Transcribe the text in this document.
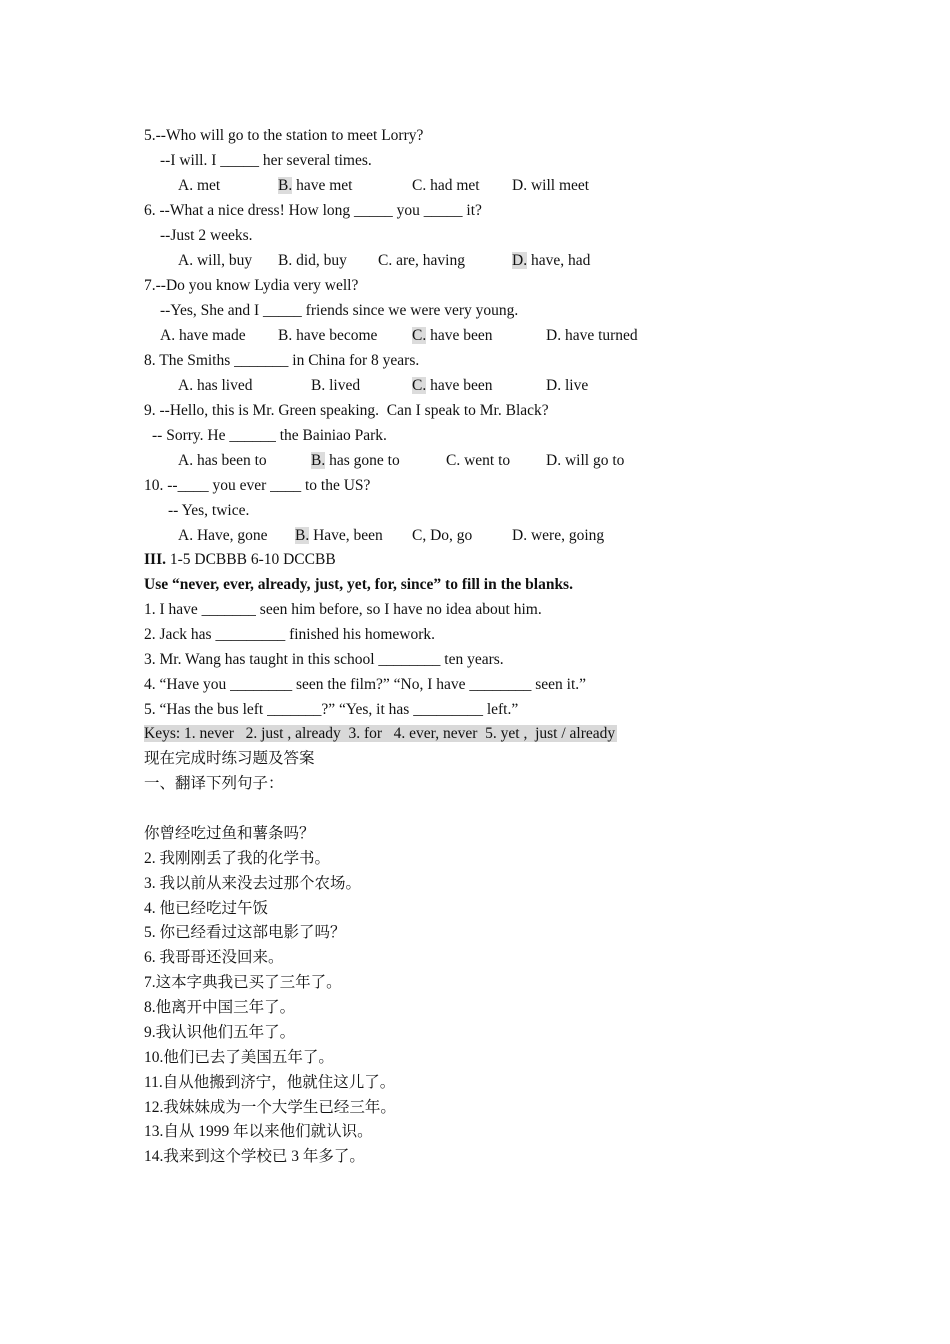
5.--Who will go to the station to meet Lorry?
--I will. I _____ her several times.
A. met	B. have met	C. had met D. will meet
6. --What a nice dress! How long _____ you _____ it?
--Just 2 weeks.
A. will, buy B. did, buy C. are, having	D. have, had
7.--Do you know Lydia very well?
--Yes, She and I _____ friends since we were very young.
A. have made B. have become C. have been	D. have turned
8. The Smiths _______ in China for 8 years.
A. has lived	B. lived	C. have been	D. live
9. --Hello, this is Mr. Green speaking.  Can I speak to Mr. Black?
-- Sorry. He ______ the Bainiao Park.
A. has been to	B. has gone to	C. went to D. will go to
10. --____ you ever ____ to the US?
-- Yes, twice.
A. Have, gone B. Have, been C, Do, go	D. were, going
III. 1-5 DCBBB 6-10 DCCBB
Use “never, ever, already, just, yet, for, since” to fill in the blanks.
1. I have _______ seen him before, so I have no idea about him.
2. Jack has _________ finished his homework.
3. Mr. Wang has taught in this school ________ ten years.
4. “Have you ________ seen the film?” “No, I have ________ seen it.”
5. “Has the bus left _______?” “Yes, it has _________ left.”
Keys: 1. never   2. just , already  3. for   4. ever, never  5. yet ,  just / already
现在完成时练习题及答案
一、翻译下列句子：
你曾经吃过鱼和薯条吗？
2. 我刚刚丢了我的化学书。
3. 我以前从来没去过那个农场。
4. 他已经吃过午饭
5. 你已经看过这部电影了吗？
6. 我哥哥还没回来。
7.这本字典我已买了三年了。
8.他离开中国三年了。
9.我认识他们五年了。
10.他们已去了美国五年了。
11.自从他搬到济宁，他就住这儿了。
12.我妹妹成为一个大学生已经三年。
13.自从 1999 年以来他们就认识。
14.我来到这个学校已 3 年多了。
